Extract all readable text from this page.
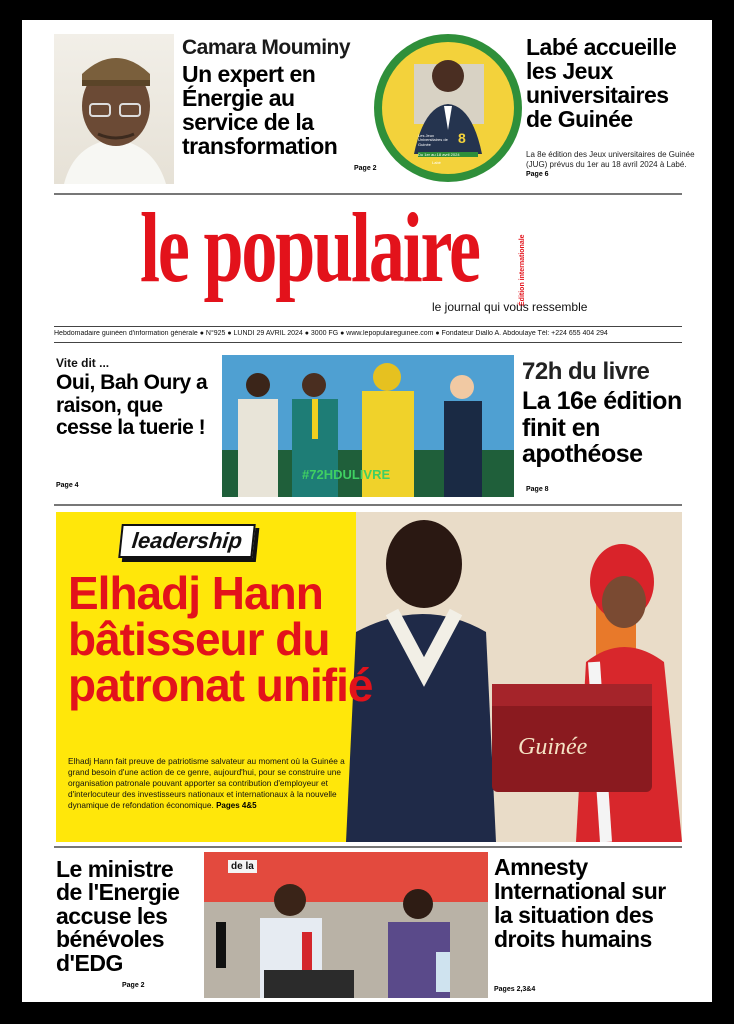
Camara Mouminy
Un expert en Énergie au service de la transformation
Page 2
Les Jeux Universitaires de Guinée	8
Du 1er au 18 avril 2024
Labé
Labé accueille les Jeux universitaires de Guinée
La 8e édition des Jeux universitaires de Guinée (JUG) prévus du 1er au 18 avril 2024 à Labé. Page 6
le populaire	Édition internationale
le journal qui vous ressemble
Hebdomadaire guinéen d'information générale ● N°925 ● LUNDI 29 AVRIL 2024 ● 3000 FG ● www.lepopulaireguinee.com ● Fondateur Diallo A. Abdoulaye Tél: +224 655 404 294
Vite dit ...
Oui, Bah Oury a raison, que cesse la tuerie !
Page 4
#72HDULIVRE
72h du livre
La 16e édition finit en apothéose
Page 8
Guinée
leadership
Elhadj Hann bâtisseur du patronat unifié
Elhadj Hann fait preuve de patriotisme salvateur au moment où la Guinée a grand besoin d'une action de ce genre, aujourd'hui, pour se construire une organisation patronale pouvant apporter sa contribution d'employeur et d'interlocuteur des investisseurs nationaux et internationaux à la nouvelle dynamique de refondation économique. Pages 4&5
Le ministre de l'Energie accuse les bénévoles d'EDG
Page 2
de la	Amnesty International sur la situation des droits humains
Pages 2,3&4
